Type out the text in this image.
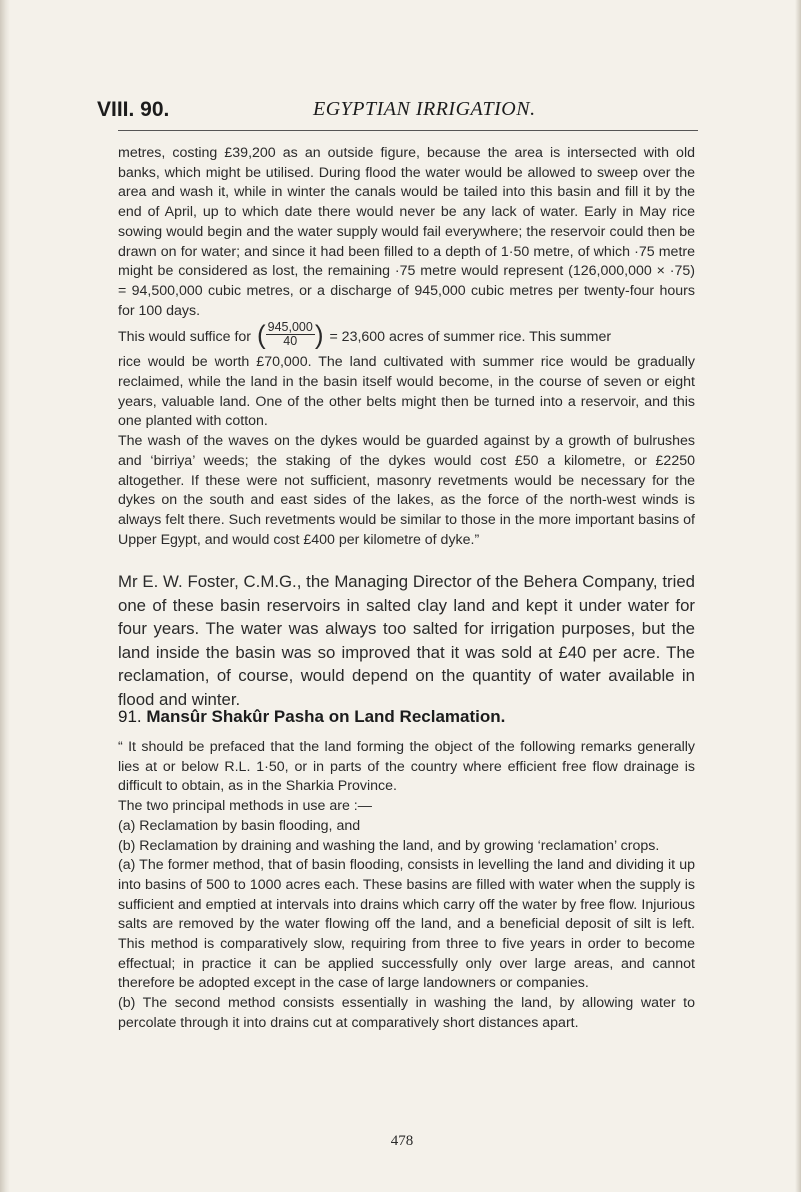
VIII. 90.	EGYPTIAN IRRIGATION.

metres, costing £39,200 as an outside figure, because the area is intersected with old banks, which might be utilised. During flood the water would be allowed to sweep over the area and wash it, while in winter the canals would be tailed into this basin and fill it by the end of April, up to which date there would never be any lack of water. Early in May rice sowing would begin and the water supply would fail everywhere; the reservoir could then be drawn on for water; and since it had been filled to a depth of 1·50 metre, of which ·75 metre might be considered as lost, the remaining ·75 metre would represent (126,000,000 × ·75) = 94,500,000 cubic metres, or a discharge of 945,000 cubic metres per twenty-four hours for 100 days.

This would suffice for ( $\frac{945,000}{40}$ ) = 23,600 acres of summer rice. This summer

rice would be worth £70,000. The land cultivated with summer rice would be gradually reclaimed, while the land in the basin itself would become, in the course of seven or eight years, valuable land. One of the other belts might then be turned into a reservoir, and this one planted with cotton.

The wash of the waves on the dykes would be guarded against by a growth of bulrushes and ‘birriya’ weeds; the staking of the dykes would cost £50 a kilometre, or £2250 altogether. If these were not sufficient, masonry revetments would be necessary for the dykes on the south and east sides of the lakes, as the force of the north-west winds is always felt there. Such revetments would be similar to those in the more important basins of Upper Egypt, and would cost £400 per kilometre of dyke.”

Mr E. W. Foster, C.M.G., the Managing Director of the Behera Company, tried one of these basin reservoirs in salted clay land and kept it under water for four years. The water was always too salted for irrigation purposes, but the land inside the basin was so improved that it was sold at £40 per acre. The reclamation, of course, would depend on the quantity of water available in flood and winter.
91. Mansûr Shakûr Pasha on Land Reclamation.

“ It should be prefaced that the land forming the object of the following remarks generally lies at or below R.L. 1·50, or in parts of the country where efficient free flow drainage is difficult to obtain, as in the Sharkia Province.

The two principal methods in use are :—

(a) Reclamation by basin flooding, and

(b) Reclamation by draining and washing the land, and by growing ‘reclamation’ crops.

(a) The former method, that of basin flooding, consists in levelling the land and dividing it up into basins of 500 to 1000 acres each. These basins are filled with water when the supply is sufficient and emptied at intervals into drains which carry off the water by free flow. Injurious salts are removed by the water flowing off the land, and a beneficial deposit of silt is left. This method is comparatively slow, requiring from three to five years in order to become effectual; in practice it can be applied successfully only over large areas, and cannot therefore be adopted except in the case of large landowners or companies.

(b) The second method consists essentially in washing the land, by allowing water to percolate through it into drains cut at comparatively short distances apart.

478
